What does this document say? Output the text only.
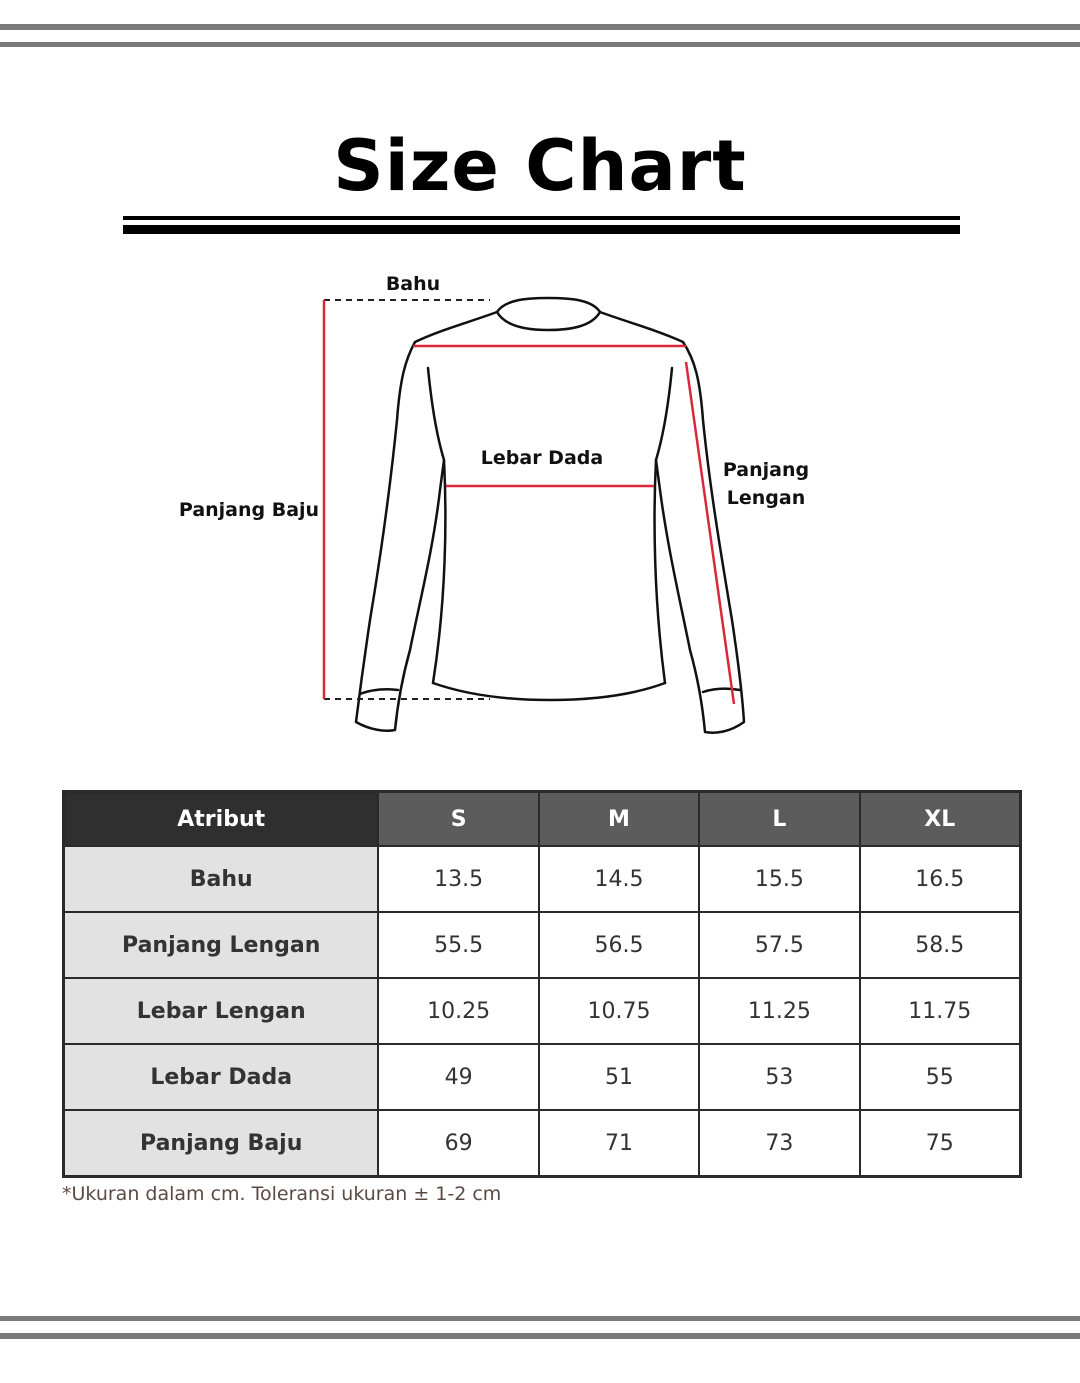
Size Chart
Bahu
Lebar Dada
Panjang Baju
Panjang
Lengan
Atribut	S	M	L	XL
Bahu	13.5	14.5	15.5	16.5
Panjang Lengan	55.5	56.5	57.5	58.5
Lebar Lengan	10.25	10.75	11.25	11.75
Lebar Dada	49	51	53	55
Panjang Baju	69	71	73	75
*Ukuran dalam cm. Toleransi ukuran ± 1-2 cm
